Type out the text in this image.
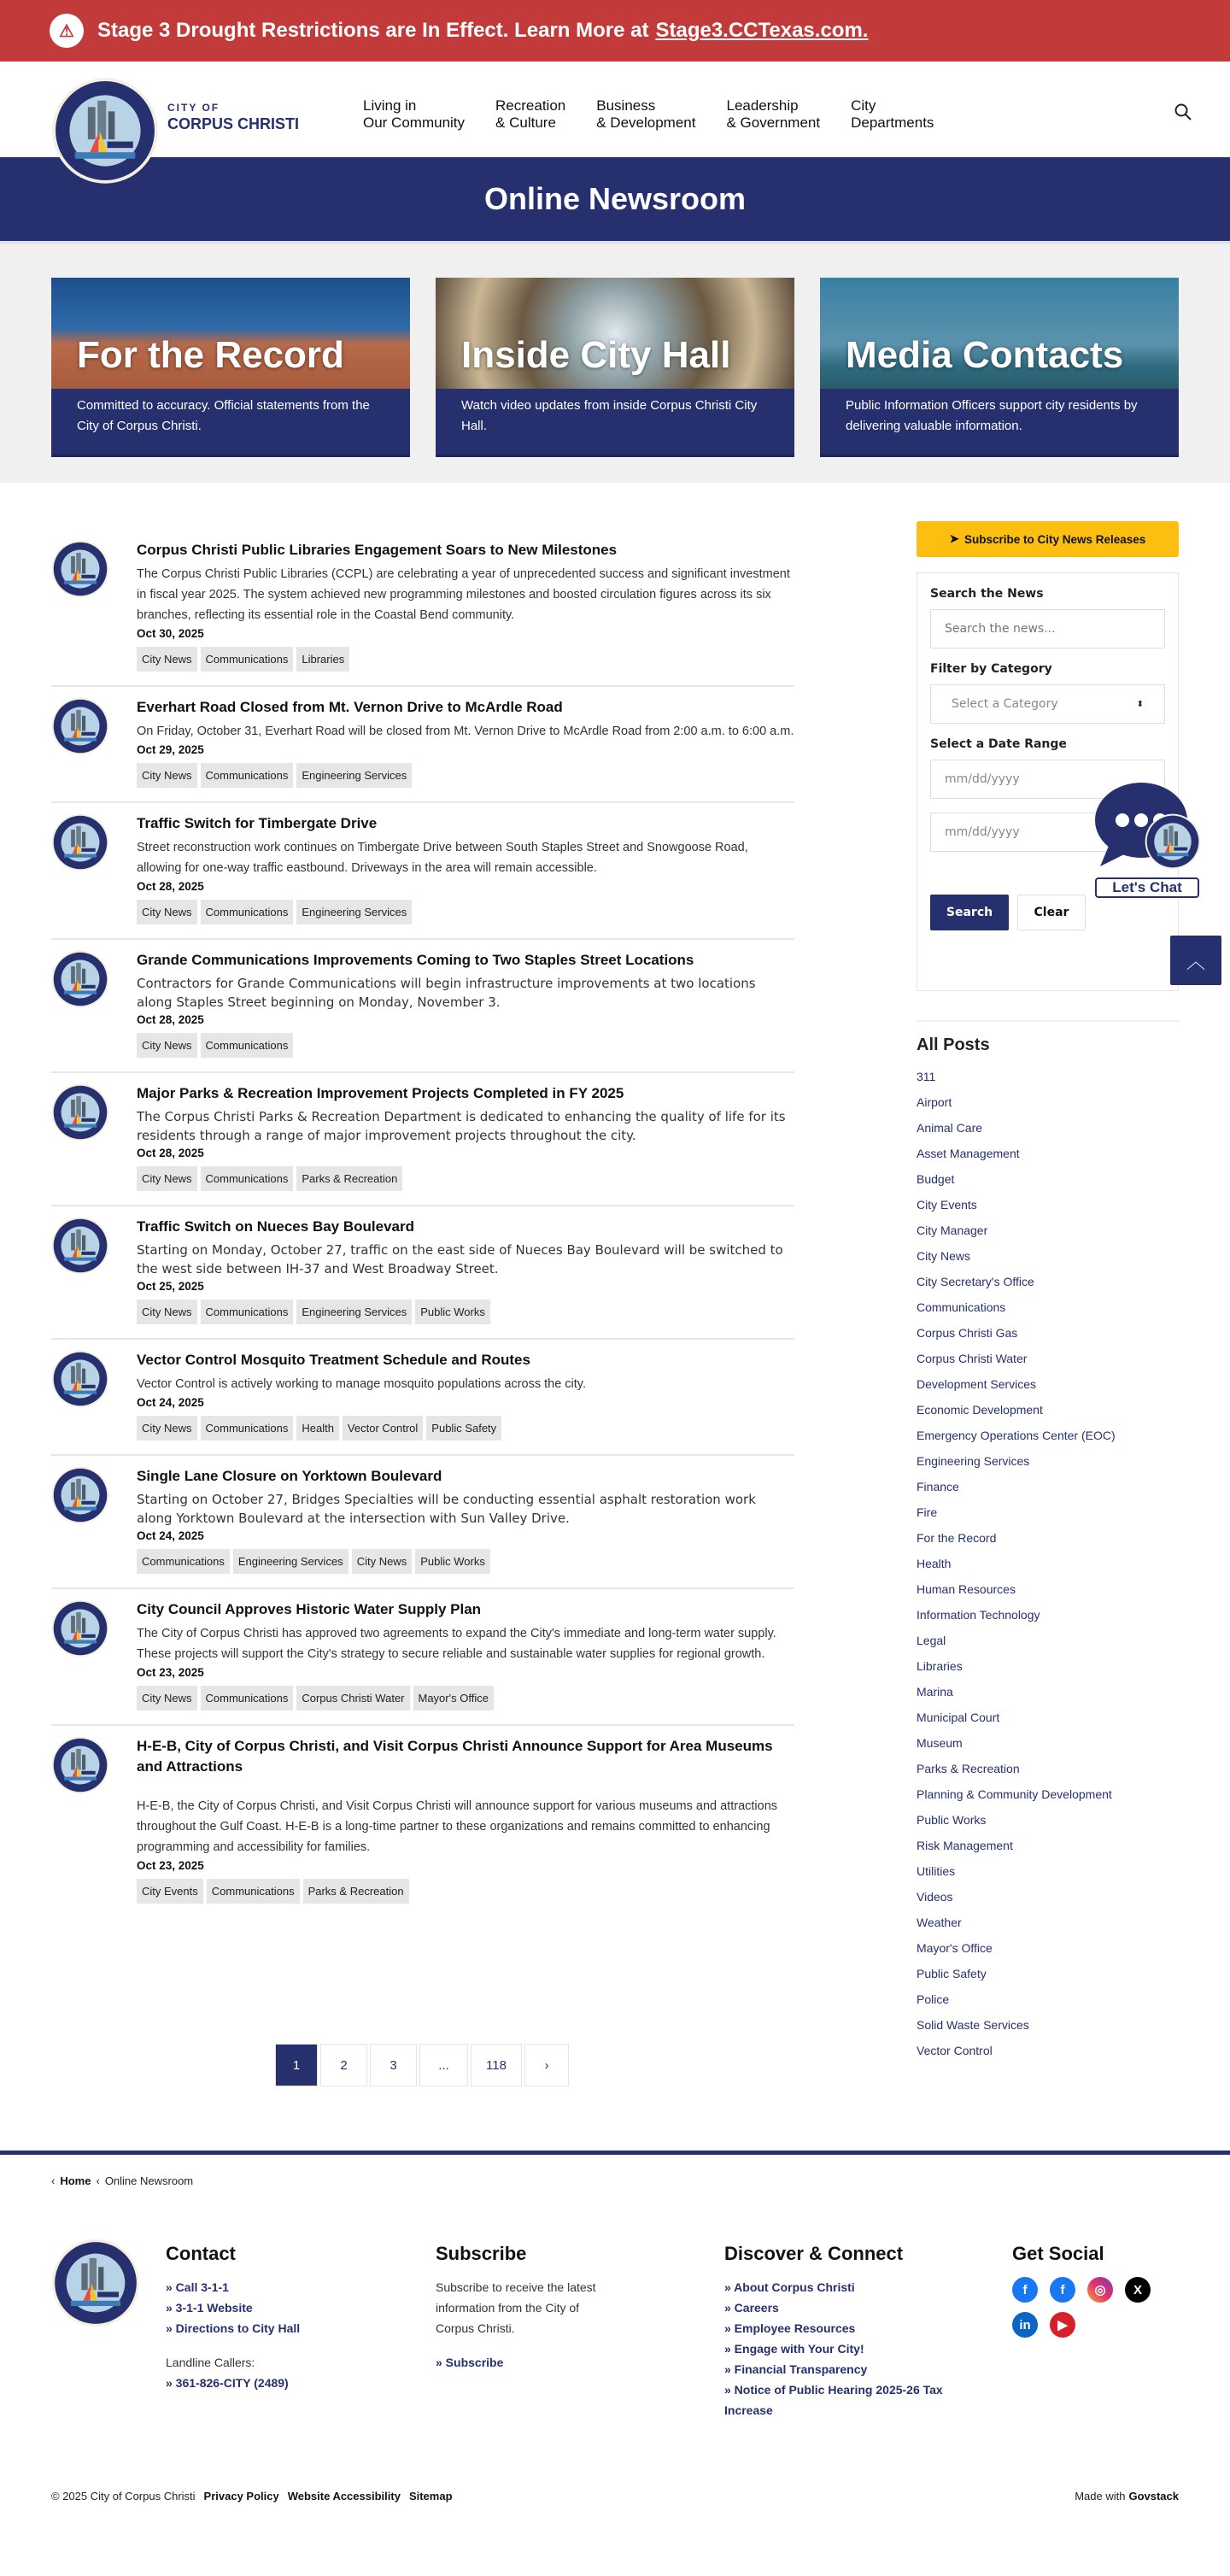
⚠	Stage 3 Drought Restrictions are In Effect. Learn More at Stage3.CCTexas.com.
CITY OF
CORPUS CHRISTI
Living in
Our Community
Recreation
& Culture
Business
& Development
Leadership
& Government
City
Departments
Online Newsroom
For the Record
Committed to accuracy. Official statements from the City of Corpus Christi.
Inside City Hall
Watch video updates from inside Corpus Christi City Hall.
Media Contacts
Public Information Officers support city residents by delivering valuable information.
Corpus Christi Public Libraries Engagement Soars to New Milestones

The Corpus Christi Public Libraries (CCPL) are celebrating a year of unprecedented success and significant investment in fiscal year 2025. The system achieved new programming milestones and boosted circulation figures across its six branches, reflecting its essential role in the Coastal Bend community.

Oct 30, 2025
City News	Communications	Libraries
Everhart Road Closed from Mt. Vernon Drive to McArdle Road

On Friday, October 31, Everhart Road will be closed from Mt. Vernon Drive to McArdle Road from 2:00 a.m. to 6:00 a.m.

Oct 29, 2025
City News	Communications	Engineering Services
Traffic Switch for Timbergate Drive

Street reconstruction work continues on Timbergate Drive between South Staples Street and Snowgoose Road, allowing for one-way traffic eastbound. Driveways in the area will remain accessible.

Oct 28, 2025
City News	Communications	Engineering Services
Grande Communications Improvements Coming to Two Staples Street Locations

Contractors for Grande Communications will begin infrastructure improvements at two locations along Staples Street beginning on Monday, November 3.

Oct 28, 2025
City News	Communications
Major Parks & Recreation Improvement Projects Completed in FY 2025

The Corpus Christi Parks & Recreation Department is dedicated to enhancing the quality of life for its residents through a range of major improvement projects throughout the city.

Oct 28, 2025
City News	Communications	Parks & Recreation
Traffic Switch on Nueces Bay Boulevard

Starting on Monday, October 27, traffic on the east side of Nueces Bay Boulevard will be switched to the west side between IH-37 and West Broadway Street.

Oct 25, 2025
City News	Communications	Engineering Services	Public Works
Vector Control Mosquito Treatment Schedule and Routes

Vector Control is actively working to manage mosquito populations across the city.

Oct 24, 2025
City News	Communications	Health	Vector Control	Public Safety
Single Lane Closure on Yorktown Boulevard

Starting on October 27, Bridges Specialties will be conducting essential asphalt restoration work along Yorktown Boulevard at the intersection with Sun Valley Drive.

Oct 24, 2025
Communications	Engineering Services	City News	Public Works
City Council Approves Historic Water Supply Plan

The City of Corpus Christi has approved two agreements to expand the City's immediate and long-term water supply. These projects will support the City's strategy to secure reliable and sustainable water supplies for regional growth.

Oct 23, 2025
City News	Communications	Corpus Christi Water	Mayor's Office
H-E-B, City of Corpus Christi, and Visit Corpus Christi Announce Support for Area Museums and Attractions

H-E-B, the City of Corpus Christi, and Visit Corpus Christi will announce support for various museums and attractions throughout the Gulf Coast. H-E-B is a long-time partner to these organizations and remains committed to enhancing programming and accessibility for families.

Oct 23, 2025
City Events	Communications	Parks & Recreation
1	2	3	...	118	›
➤ Subscribe to City News Releases
Search the News
Search the news...
Filter by Category
Select a Category	⬍
Select a Date Range
mm/dd/yyyy
mm/dd/yyyy
Search	Clear
All Posts
311
Airport
Animal Care
Asset Management
Budget
City Events
City Manager
City News
City Secretary's Office
Communications
Corpus Christi Gas
Corpus Christi Water
Development Services
Economic Development
Emergency Operations Center (EOC)
Engineering Services
Finance
Fire
For the Record
Health
Human Resources
Information Technology
Legal
Libraries
Marina
Municipal Court
Museum
Parks & Recreation
Planning & Community Development
Public Works
Risk Management
Utilities
Videos
Weather
Mayor's Office
Public Safety
Police
Solid Waste Services
Vector Control
Let's Chat
︿
‹ Home ‹ Online Newsroom
Contact
» Call 3-1-1
» 3-1-1 Website
» Directions to City Hall
Landline Callers:
» 361-826-CITY (2489)
Subscribe
Subscribe to receive the latest information from the City of Corpus Christi.
» Subscribe
Discover & Connect
» About Corpus Christi
» Careers
» Employee Resources
» Engage with Your City!
» Financial Transparency
» Notice of Public Hearing 2025-26 Tax Increase
Get Social
f	f	◎	X
in	▶
© 2025 City of Corpus Christi Privacy Policy Website Accessibility Sitemap	Made with Govstack
